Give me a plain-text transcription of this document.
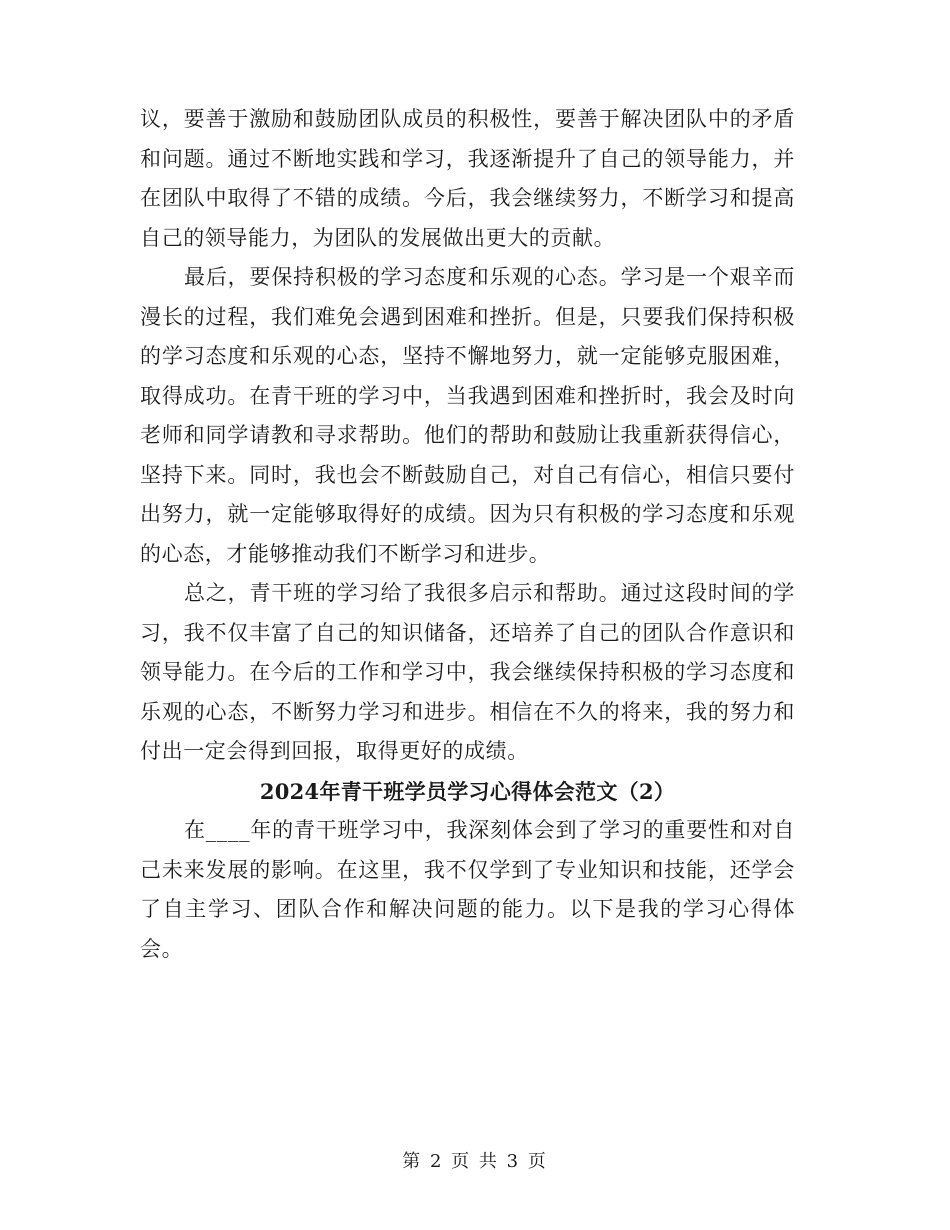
议，要善于激励和鼓励团队成员的积极性，要善于解决团队中的矛盾和问题。通过不断地实践和学习，我逐渐提升了自己的领导能力，并在团队中取得了不错的成绩。今后，我会继续努力，不断学习和提高自己的领导能力，为团队的发展做出更大的贡献。

最后，要保持积极的学习态度和乐观的心态。学习是一个艰辛而漫长的过程，我们难免会遇到困难和挫折。但是，只要我们保持积极的学习态度和乐观的心态，坚持不懈地努力，就一定能够克服困难，取得成功。在青干班的学习中，当我遇到困难和挫折时，我会及时向老师和同学请教和寻求帮助。他们的帮助和鼓励让我重新获得信心，坚持下来。同时，我也会不断鼓励自己，对自己有信心，相信只要付出努力，就一定能够取得好的成绩。因为只有积极的学习态度和乐观的心态，才能够推动我们不断学习和进步。

总之，青干班的学习给了我很多启示和帮助。通过这段时间的学习，我不仅丰富了自己的知识储备，还培养了自己的团队合作意识和领导能力。在今后的工作和学习中，我会继续保持积极的学习态度和乐观的心态，不断努力学习和进步。相信在不久的将来，我的努力和付出一定会得到回报，取得更好的成绩。

2024年青干班学员学习心得体会范文（2）

在____年的青干班学习中，我深刻体会到了学习的重要性和对自己未来发展的影响。在这里，我不仅学到了专业知识和技能，还学会了自主学习、团队合作和解决问题的能力。以下是我的学习心得体会。

第 2 页 共 3 页
